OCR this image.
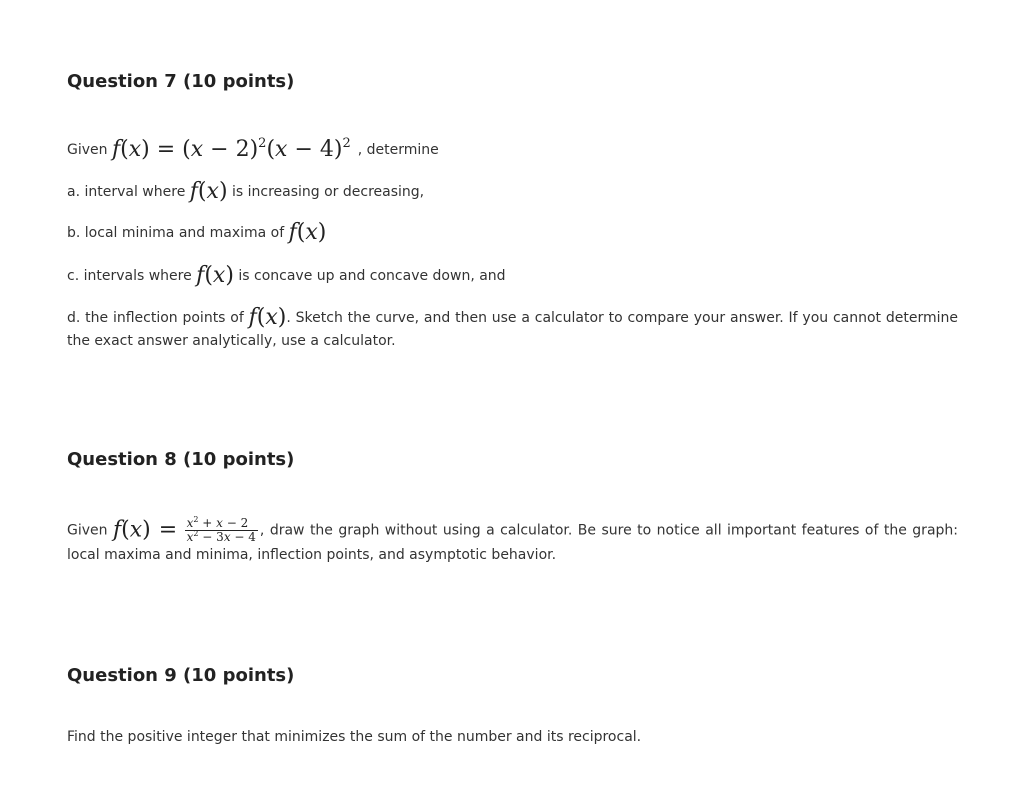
Question 7 (10 points)

Given $f(x) = (x - 2)^2(x - 4)^2$ , determine

a. interval where f(x) is increasing or decreasing,

b. local minima and maxima of f(x)

c. intervals where f(x) is concave up and concave down, and

d. the inflection points of f(x). Sketch the curve, and then use a calculator to compare your answer. If you cannot determine the exact answer analytically, use a calculator.

Question 8 (10 points)

Given $f(x) = \frac{x^2 + x - 2}{x^2 - 3x - 4}$ , draw the graph without using a calculator. Be sure to notice all important features of the graph: local maxima and minima, inflection points, and asymptotic behavior.

Question 9 (10 points)

Find the positive integer that minimizes the sum of the number and its reciprocal.
